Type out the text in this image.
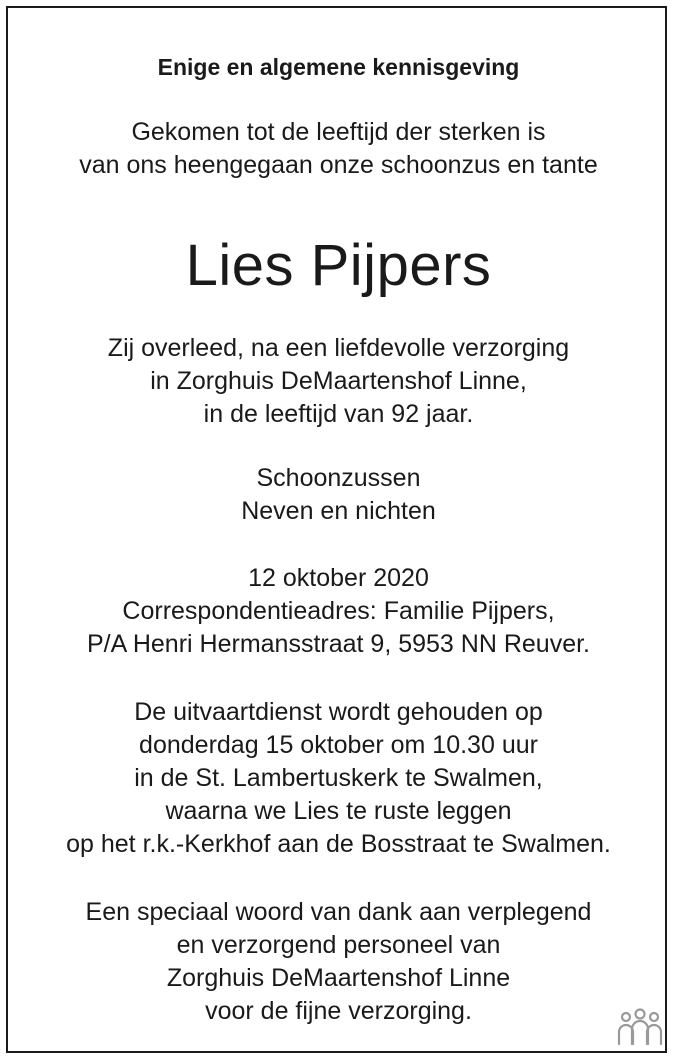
Enige en algemene kennisgeving
Gekomen tot de leeftijd der sterken is
van ons heengegaan onze schoonzus en tante
Lies Pijpers
Zij overleed, na een liefdevolle verzorging
in Zorghuis DeMaartenshof Linne,
in de leeftijd van 92 jaar.
Schoonzussen
Neven en nichten
12 oktober 2020
Correspondentieadres: Familie Pijpers,
P/A Henri Hermansstraat 9, 5953 NN Reuver.
De uitvaartdienst wordt gehouden op
donderdag 15 oktober om 10.30 uur
in de St. Lambertuskerk te Swalmen,
waarna we Lies te ruste leggen
op het r.k.-Kerkhof aan de Bosstraat te Swalmen.
Een speciaal woord van dank aan verplegend
en verzorgend personeel van
Zorghuis DeMaartenshof Linne
voor de fijne verzorging.
